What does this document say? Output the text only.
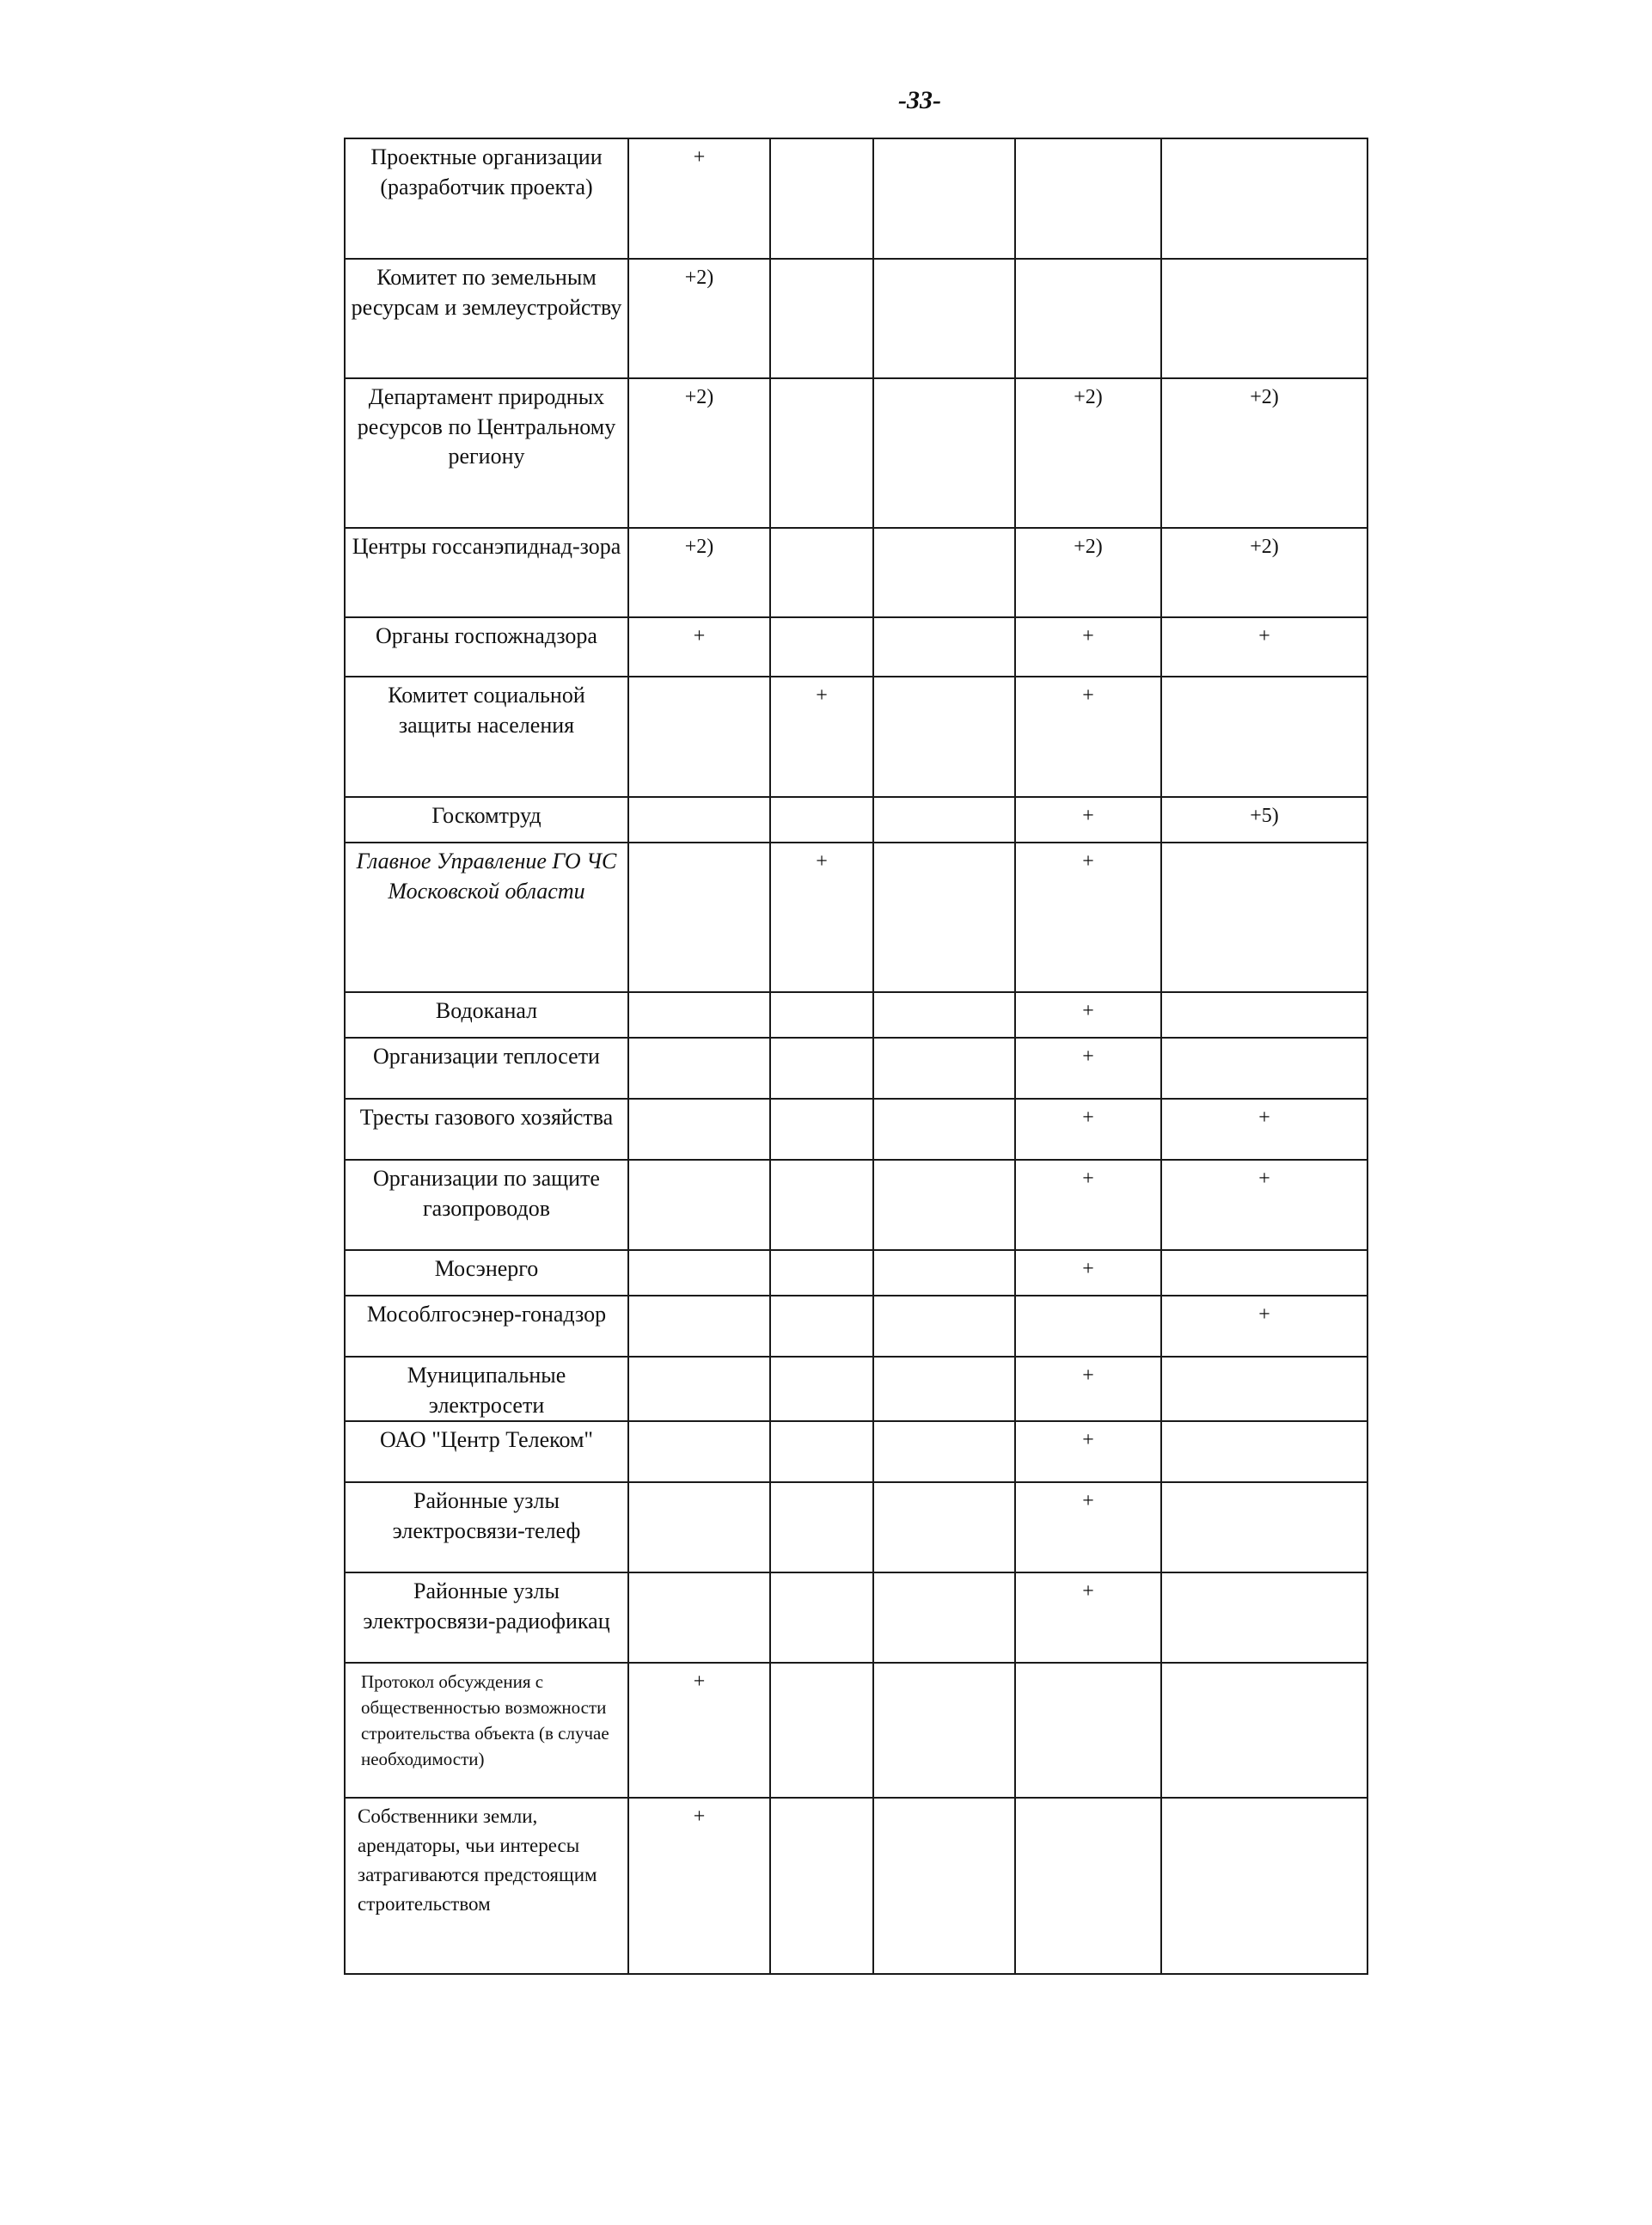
-33-
Проектные организации (разработчик проекта)	+				
Комитет по земельным ресурсам и землеустройству	+2)				
Департамент природных ресурсов по Центральному региону	+2)			+2)	+2)
Центры госсанэпиднад-зора	+2)			+2)	+2)
Органы госпожнадзора	+			+	+
Комитет социальной защиты населения		+		+	
Госкомтруд				+	+5)
Главное Управление ГО ЧС Московской области		+		+	
Водоканал				+	
Организации теплосети				+	
Тресты газового хозяйства				+	+
Организации по защите газопроводов				+	+
Мосэнерго				+	
Мособлгосэнер-гонадзор					+
Муниципальные электросети				+	
ОАО "Центр Телеком"				+	
Районные узлы электросвязи-телеф				+	
Районные узлы электросвязи-радиофикац				+	
Протокол обсуждения с общественностью возможности строительства объекта (в случае необходимости)	+				
Собственники земли, арендаторы, чьи интересы затрагиваются предстоящим строительством	+				
